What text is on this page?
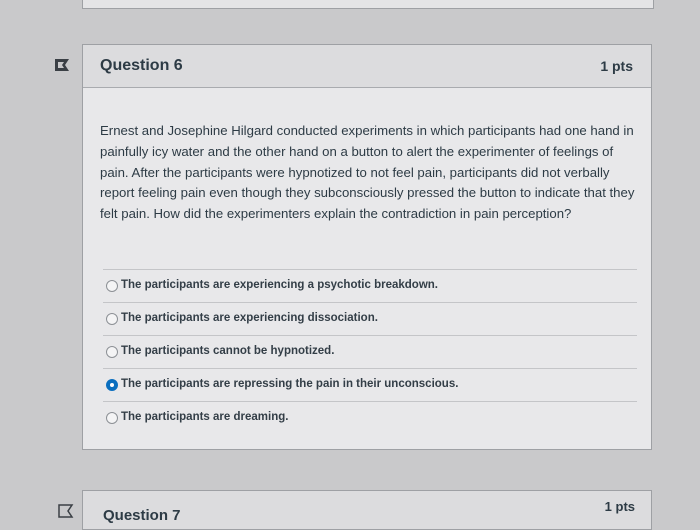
Question 6	1 pts
Ernest and Josephine Hilgard conducted experiments in which participants had one hand in painfully icy water and the other hand on a button to alert the experimenter of feelings of pain. After the participants were hypnotized to not feel pain, participants did not verbally report feeling pain even though they subconsciously pressed the button to indicate that they felt pain. How did the experimenters explain the contradiction in pain perception?
The participants are experiencing a psychotic breakdown.
The participants are experiencing dissociation.
The participants cannot be hypnotized.
The participants are repressing the pain in their unconscious.
The participants are dreaming.
Question 7
1 pts
